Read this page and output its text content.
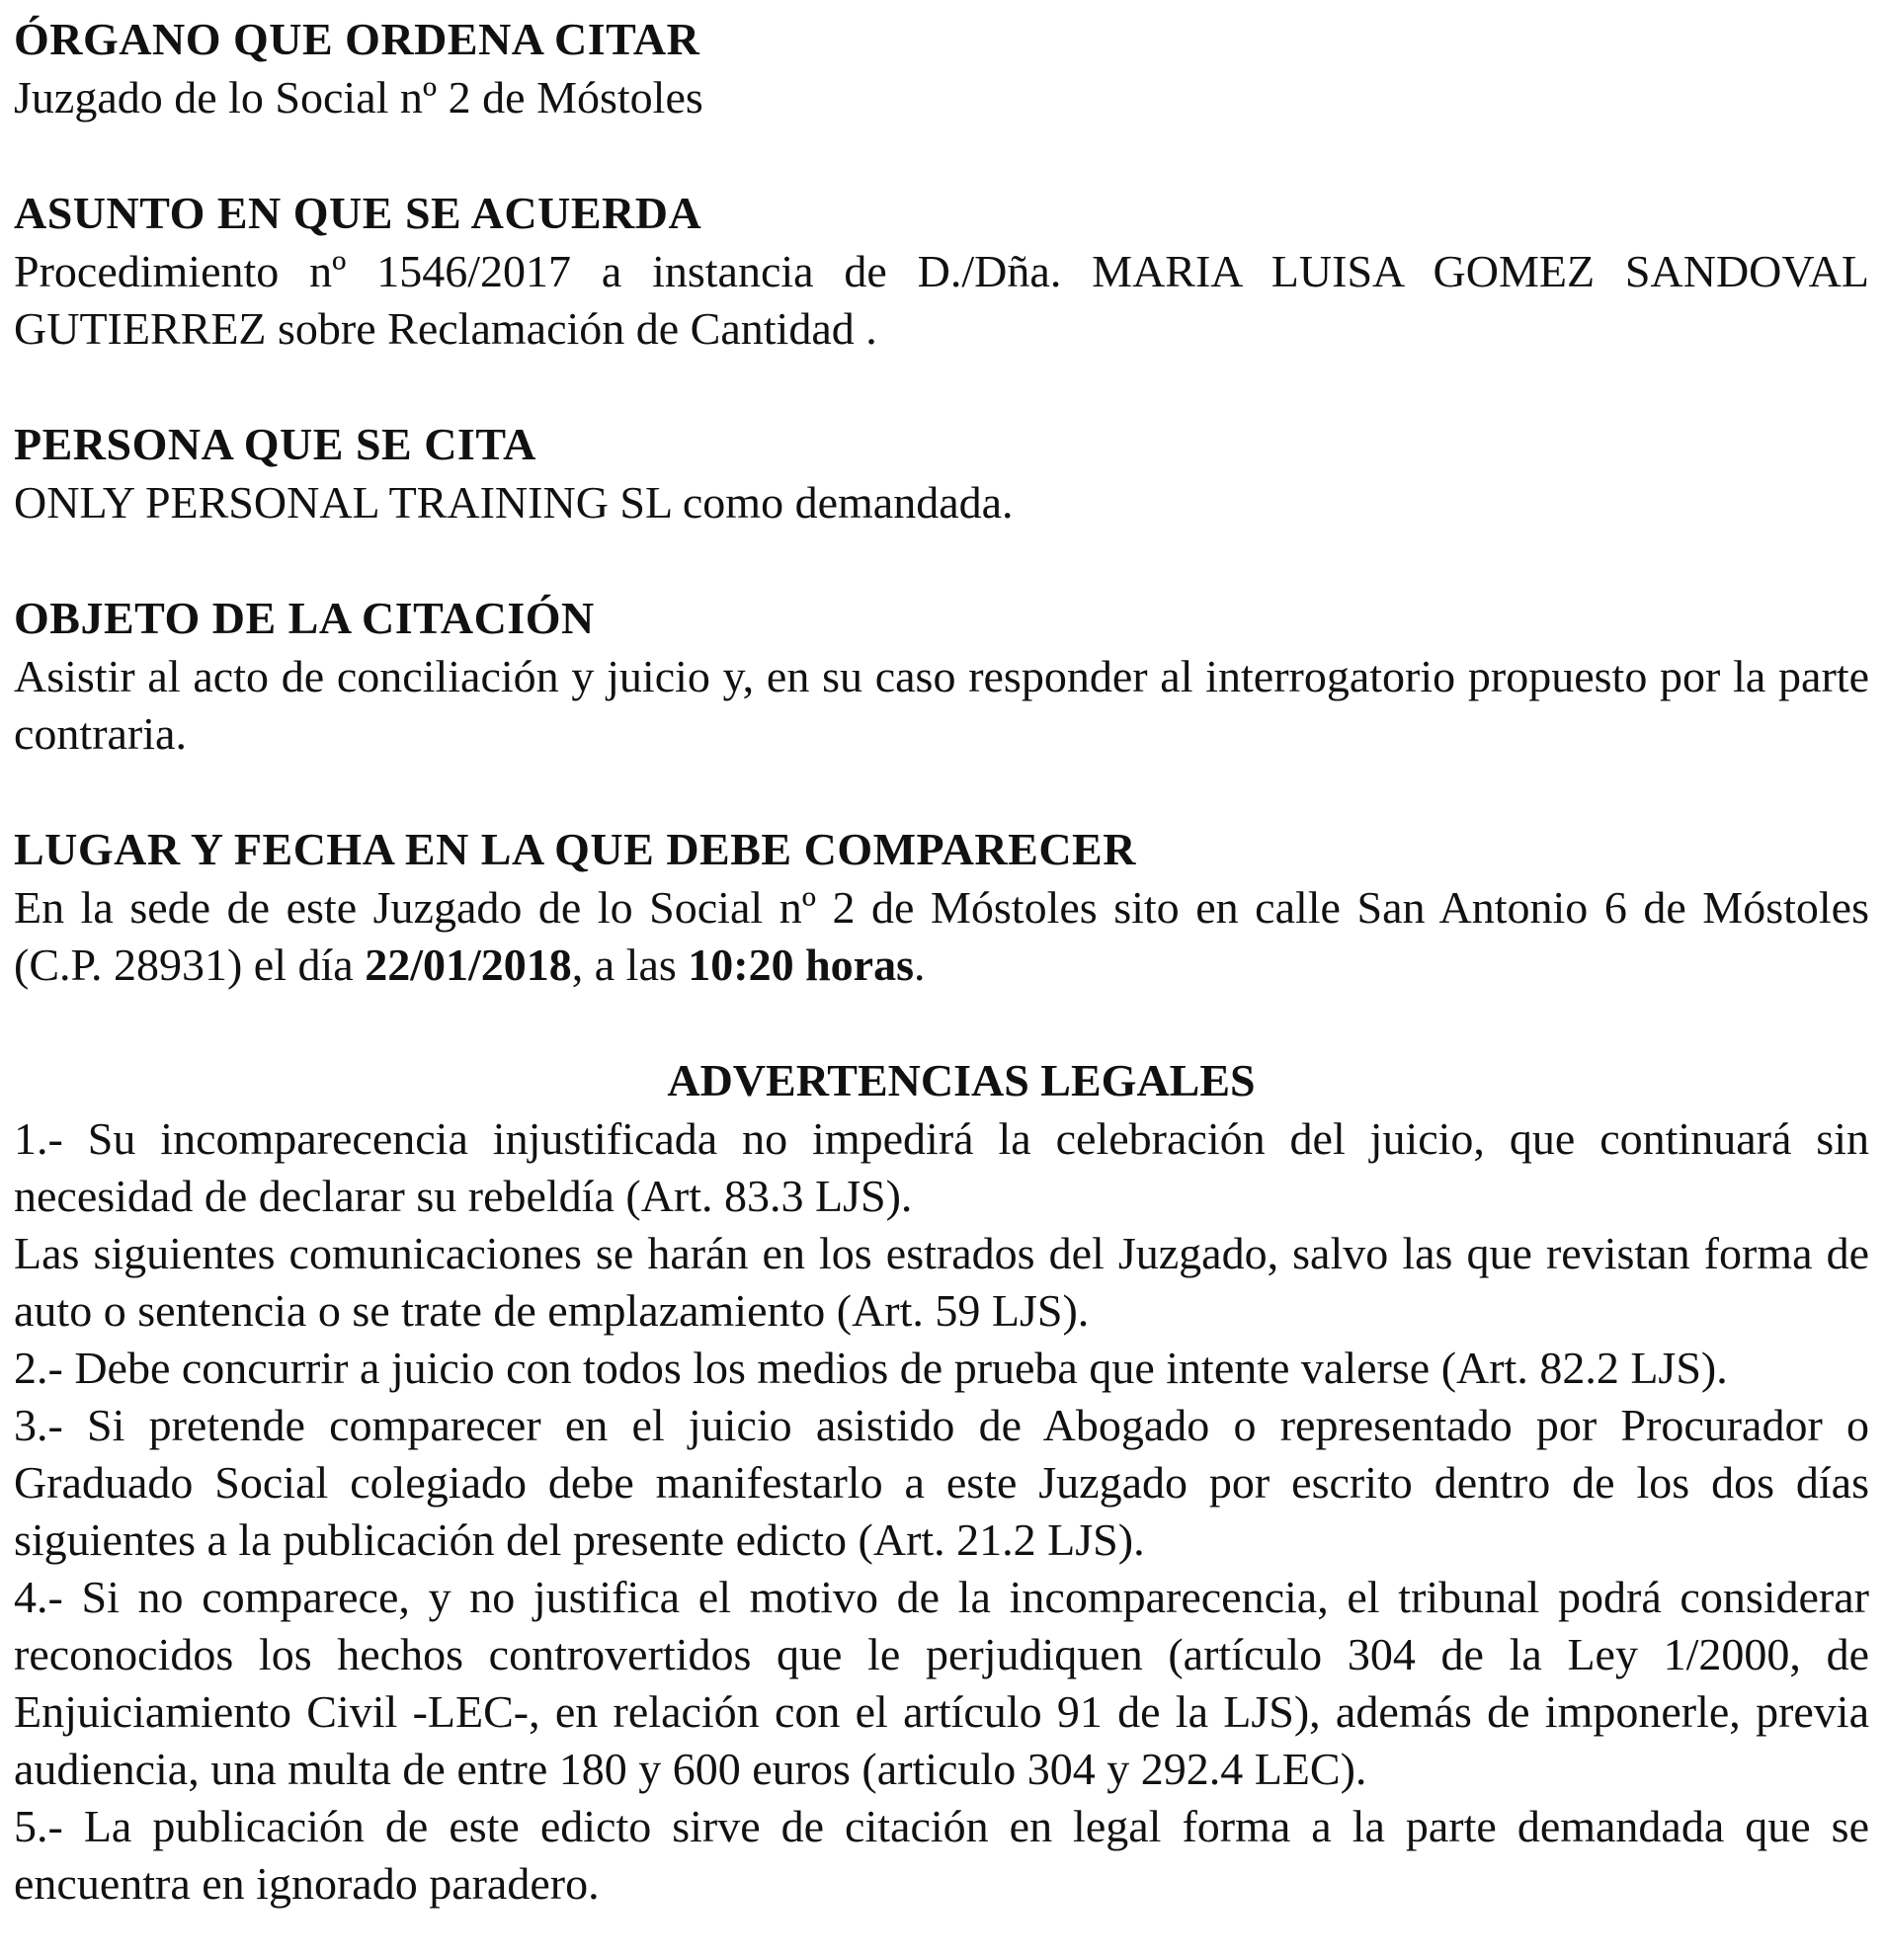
ÓRGANO QUE ORDENA CITAR
Juzgado de lo Social nº 2 de Móstoles
ASUNTO EN QUE SE ACUERDA
Procedimiento nº 1546/2017 a instancia de D./Dña. MARIA LUISA GOMEZ SANDOVAL GUTIERREZ sobre Reclamación de Cantidad .
PERSONA QUE SE CITA
ONLY PERSONAL TRAINING SL como demandada.
OBJETO DE LA CITACIÓN
Asistir al acto de conciliación y juicio y, en su caso responder al interrogatorio propuesto por la parte contraria.
LUGAR Y FECHA EN LA QUE DEBE COMPARECER
En la sede de este Juzgado de lo Social nº 2 de Móstoles sito en calle San Antonio 6 de Móstoles (C.P. 28931) el día 22/01/2018, a las 10:20 horas.
ADVERTENCIAS LEGALES
1.- Su incomparecencia injustificada no impedirá la celebración del juicio, que continuará sin necesidad de declarar su rebeldía (Art. 83.3 LJS).
Las siguientes comunicaciones se harán en los estrados del Juzgado, salvo las que revistan forma de auto o sentencia o se trate de emplazamiento (Art. 59 LJS).
2.- Debe concurrir a juicio con todos los medios de prueba que intente valerse (Art. 82.2 LJS).
3.- Si pretende comparecer en el juicio asistido de Abogado o representado por Procurador o Graduado Social colegiado debe manifestarlo a este Juzgado por escrito dentro de los dos días siguientes a la publicación del presente edicto (Art. 21.2 LJS).
4.- Si no comparece, y no justifica el motivo de la incomparecencia, el tribunal podrá considerar reconocidos los hechos controvertidos que le perjudiquen (artículo 304 de la Ley 1/2000, de Enjuiciamiento Civil -LEC-, en relación con el artículo 91 de la LJS), además de imponerle, previa audiencia, una multa de entre 180 y 600 euros (articulo 304 y 292.4 LEC).
5.- La publicación de este edicto sirve de citación en legal forma a la parte demandada que se encuentra en ignorado paradero.
